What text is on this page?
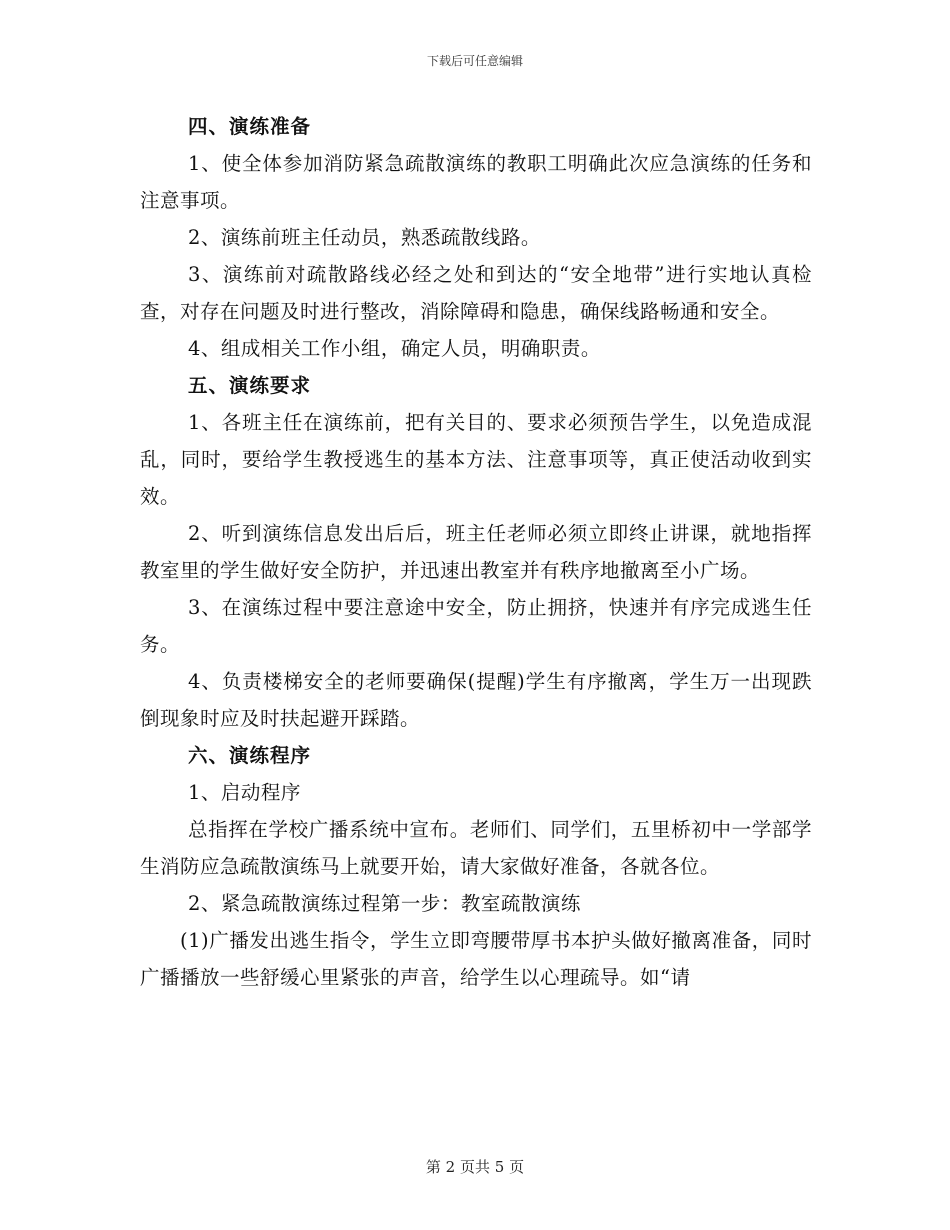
下载后可任意编辑

四、演练准备

1、使全体参加消防紧急疏散演练的教职工明确此次应急演练的任务和注意事项。

2、演练前班主任动员，熟悉疏散线路。

3、演练前对疏散路线必经之处和到达的“安全地带”进行实地认真检查，对存在问题及时进行整改，消除障碍和隐患，确保线路畅通和安全。

4、组成相关工作小组，确定人员，明确职责。

五、演练要求

1、各班主任在演练前，把有关目的、要求必须预告学生，以免造成混乱，同时，要给学生教授逃生的基本方法、注意事项等，真正使活动收到实效。

2、听到演练信息发出后后，班主任老师必须立即终止讲课，就地指挥教室里的学生做好安全防护，并迅速出教室并有秩序地撤离至小广场。

3、在演练过程中要注意途中安全，防止拥挤，快速并有序完成逃生任务。

4、负责楼梯安全的老师要确保(提醒)学生有序撤离，学生万一出现跌倒现象时应及时扶起避开踩踏。

六、演练程序

1、启动程序

总指挥在学校广播系统中宣布。老师们、同学们，五里桥初中一学部学生消防应急疏散演练马上就要开始，请大家做好准备，各就各位。

2、紧急疏散演练过程第一步：教室疏散演练

(1)广播发出逃生指令，学生立即弯腰带厚书本护头做好撤离准备，同时广播播放一些舒缓心里紧张的声音，给学生以心理疏导。如“请

第 2 页共 5 页
